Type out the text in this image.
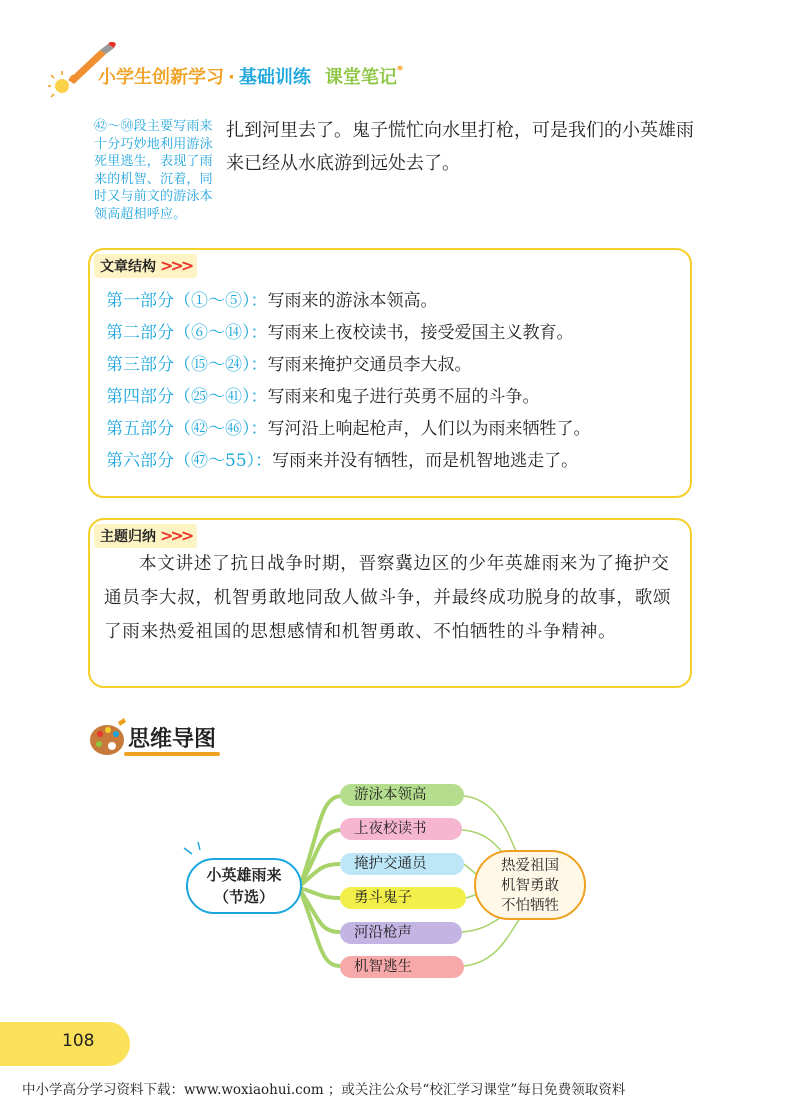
小学生创新学习 · 基础训练 课堂笔记*
㊷～㊿段主要写雨来十分巧妙地利用游泳死里逃生，表现了雨来的机智、沉着，同时又与前文的游泳本领高超相呼应。
扎到河里去了。鬼子慌忙向水里打枪，可是我们的小英雄雨来已经从水底游到远处去了。
文章结构 >>>
第一部分（①～⑤）：写雨来的游泳本领高。
第二部分（⑥～⑭）：写雨来上夜校读书，接受爱国主义教育。
第三部分（⑮～㉔）：写雨来掩护交通员李大叔。
第四部分（㉕～㊶）：写雨来和鬼子进行英勇不屈的斗争。
第五部分（㊷～㊻）：写河沿上响起枪声，人们以为雨来牺牲了。
第六部分（㊼～55）：写雨来并没有牺牲，而是机智地逃走了。
主题归纳 >>>
本文讲述了抗日战争时期，晋察冀边区的少年英雄雨来为了掩护交通员李大叔，机智勇敢地同敌人做斗争，并最终成功脱身的故事，歌颂了雨来热爱祖国的思想感情和机智勇敢、不怕牺牲的斗争精神。
思维导图
游泳本领高
上夜校读书
掩护交通员
勇斗鬼子
河沿枪声
机智逃生
小英雄雨来
（节选）
热爱祖国
机智勇敢
不怕牺牲
108
中小学高分学习资料下载：www.woxiaohui.com ；或关注公众号“校汇学习课堂”每日免费领取资料
